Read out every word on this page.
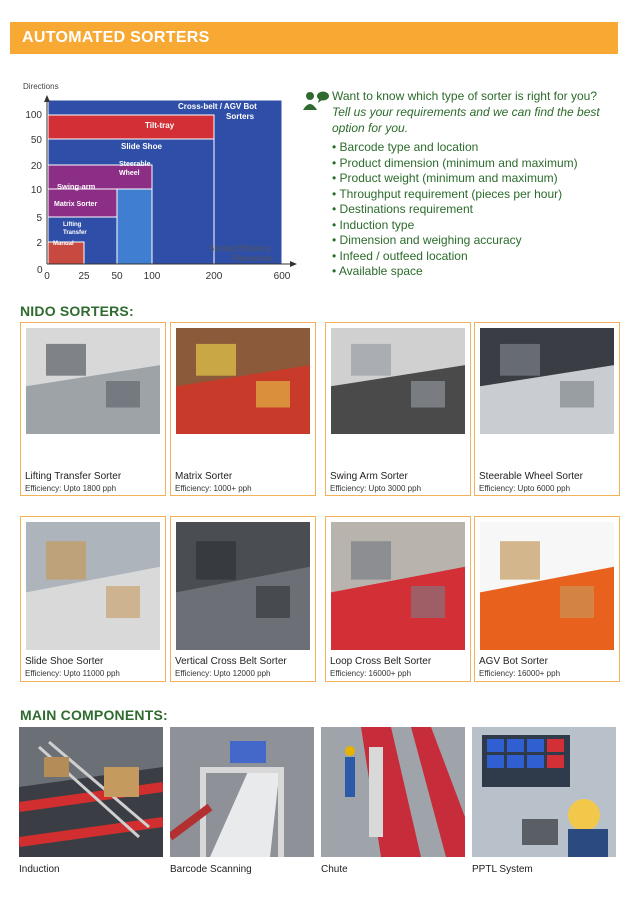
AUTOMATED SORTERS
Manual
Lifting
Transfer
Matrix Sorter
Swing-arm
Steerable
Wheel
Slide Shoe
Tilt-tray
Cross-belt / AGV Bot
Sorters
Directions
Sorting Efficiency
Pieces/min.
0
2
5
10
20
50
100
0	25 50 100	200	600
Want to know which type of sorter is right for you?
Tell us your requirements and we can find the best option for you.
• Barcode type and location
• Product dimension (minimum and maximum)
• Product weight (minimum and maximum)
• Throughput requirement (pieces per hour)
• Destinations requirement
• Induction type
• Dimension and weighing accuracy
• Infeed / outfeed location
• Available space
NIDO SORTERS:
Lifting Transfer Sorter
Efficiency: Upto 1800 pph
Matrix Sorter
Efficiency: 1000+ pph
Swing Arm Sorter
Efficiency: Upto 3000 pph
Steerable Wheel Sorter
Efficiency: Upto 6000 pph
Slide Shoe Sorter
Efficiency: Upto 11000 pph
Vertical Cross Belt Sorter
Efficiency: Upto 12000 pph
Loop Cross Belt Sorter
Efficiency: 16000+ pph
AGV Bot Sorter
Efficiency: 16000+ pph
MAIN COMPONENTS:
Induction	Barcode Scanning	Chute	PPTL System
